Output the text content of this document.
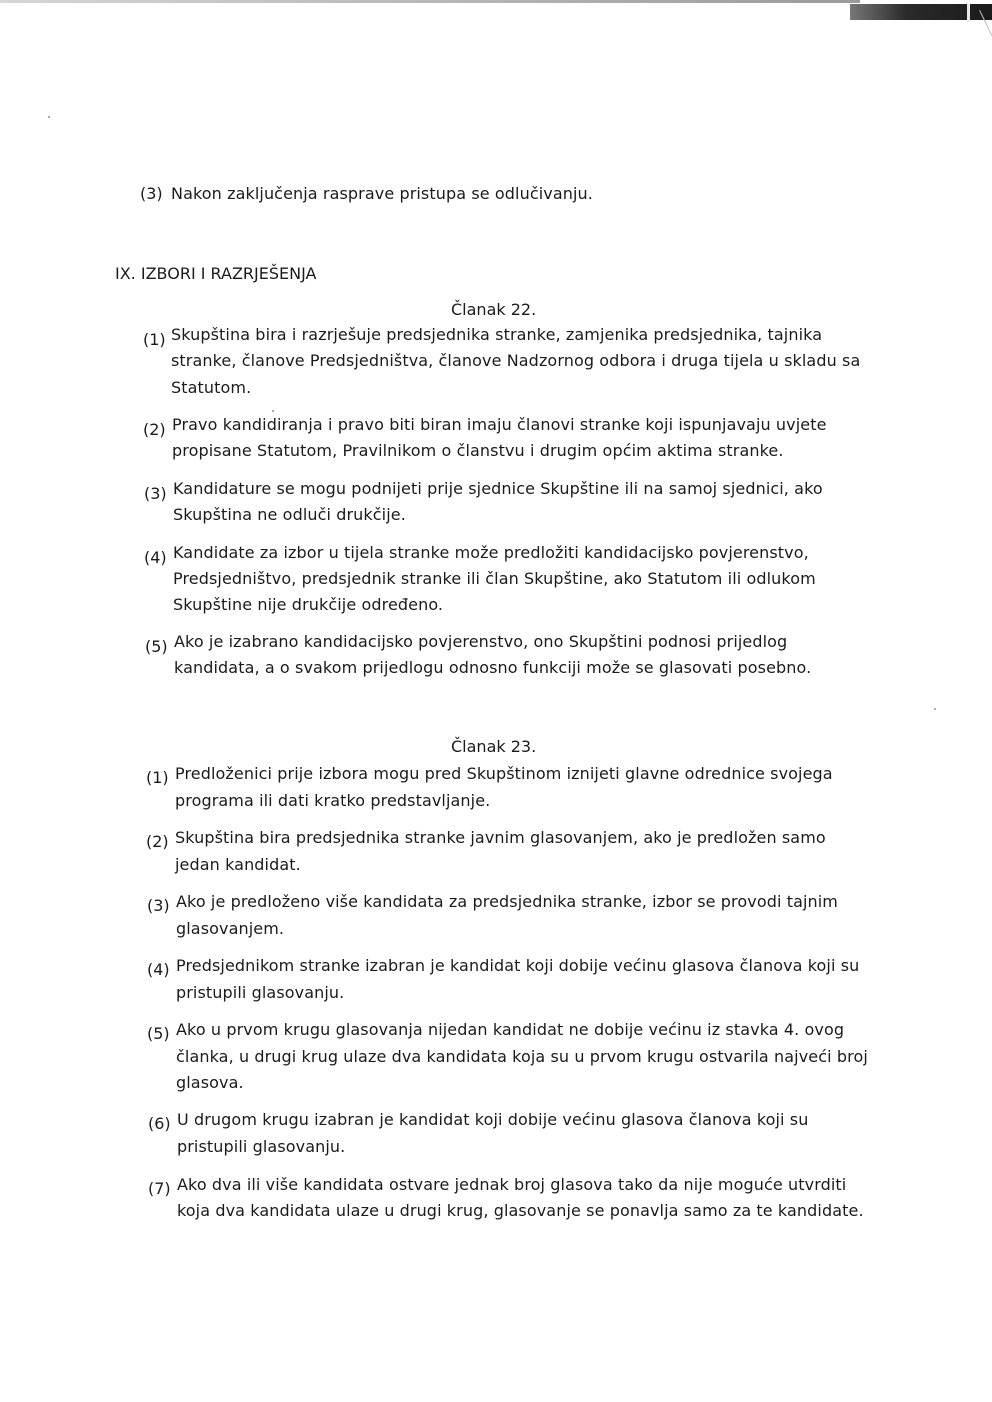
(3) Nakon zaključenja rasprave pristupa se odlučivanju.
IX. IZBORI I RAZRJEŠENJA
Članak 22.
(1) Skupština bira i razrješuje predsjednika stranke, zamjenika predsjednika, tajnika
stranke, članove Predsjedništva, članove Nadzornog odbora i druga tijela u skladu sa
Statutom.
(2) Pravo kandidiranja i pravo biti biran imaju članovi stranke koji ispunjavaju uvjete
propisane Statutom, Pravilnikom o članstvu i drugim općim aktima stranke.
(3) Kandidature se mogu podnijeti prije sjednice Skupštine ili na samoj sjednici, ako
Skupština ne odluči drukčije.
(4) Kandidate za izbor u tijela stranke može predložiti kandidacijsko povjerenstvo,
Predsjedništvo, predsjednik stranke ili član Skupštine, ako Statutom ili odlukom
Skupštine nije drukčije određeno.
(5) Ako je izabrano kandidacijsko povjerenstvo, ono Skupštini podnosi prijedlog
kandidata, a o svakom prijedlogu odnosno funkciji može se glasovati posebno.
Članak 23.
(1) Predloženici prije izbora mogu pred Skupštinom iznijeti glavne odrednice svojega
programa ili dati kratko predstavljanje.
(2) Skupština bira predsjednika stranke javnim glasovanjem, ako je predložen samo
jedan kandidat.
(3) Ako je predloženo više kandidata za predsjednika stranke, izbor se provodi tajnim
glasovanjem.
(4) Predsjednikom stranke izabran je kandidat koji dobije većinu glasova članova koji su
pristupili glasovanju.
(5) Ako u prvom krugu glasovanja nijedan kandidat ne dobije većinu iz stavka 4. ovog
članka, u drugi krug ulaze dva kandidata koja su u prvom krugu ostvarila najveći broj
glasova.
(6) U drugom krugu izabran je kandidat koji dobije većinu glasova članova koji su
pristupili glasovanju.
(7) Ako dva ili više kandidata ostvare jednak broj glasova tako da nije moguće utvrditi
koja dva kandidata ulaze u drugi krug, glasovanje se ponavlja samo za te kandidate.
